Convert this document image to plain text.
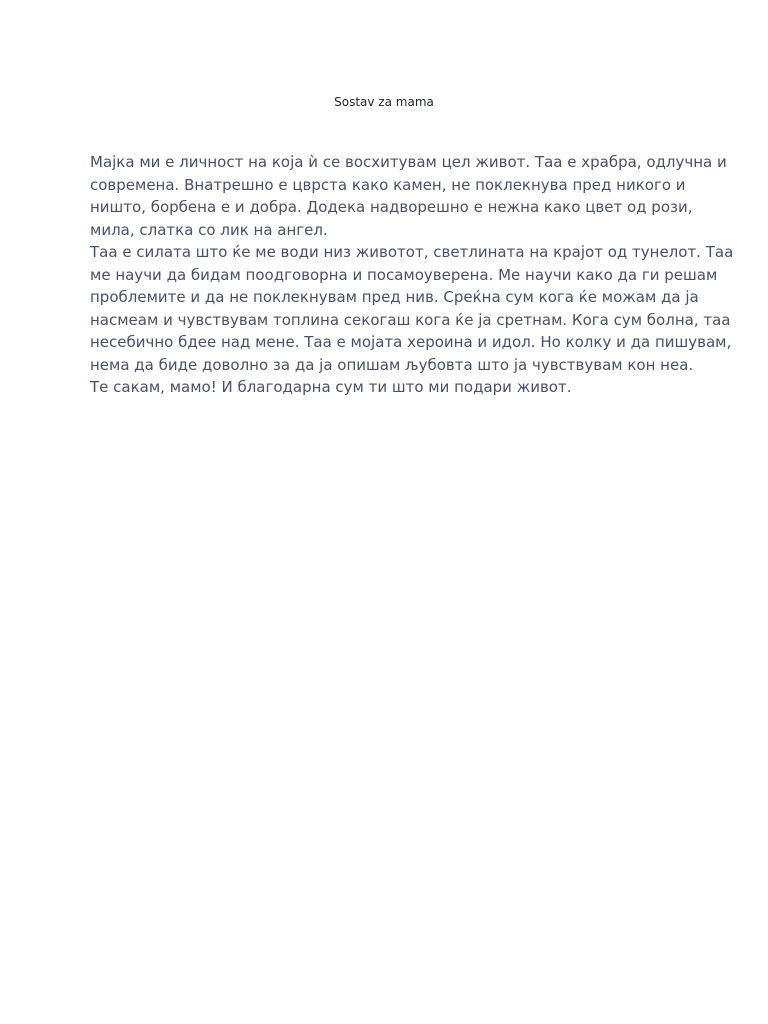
Sostav za mama
Мајка ми е личност на која ѝ се восхитувам цел живот. Таа е храбра, одлучна и
современа. Внатрешно е цврста како камен, не поклекнува пред никого и
ништо, борбена е и добра. Додека надворешно е нежна како цвет од рози,
мила, слатка со лик на ангел.
Таа е силата што ќе ме води низ животот, светлината на крајот од тунелот. Таа
ме научи да бидам поодговорна и посамоуверена. Ме научи како да ги решам
проблемите и да не поклекнувам пред нив. Среќна сум кога ќе можам да ја
насмеам и чувствувам топлина секогаш кога ќе ја сретнам. Кога сум болна, таа
несебично бдее над мене. Таа е мојата хероина и идол. Но колку и да пишувам,
нема да биде доволно за да ја опишам љубовта што ја чувствувам кон неа.
Те сакам, мамо! И благодарна сум ти што ми подари живот.
